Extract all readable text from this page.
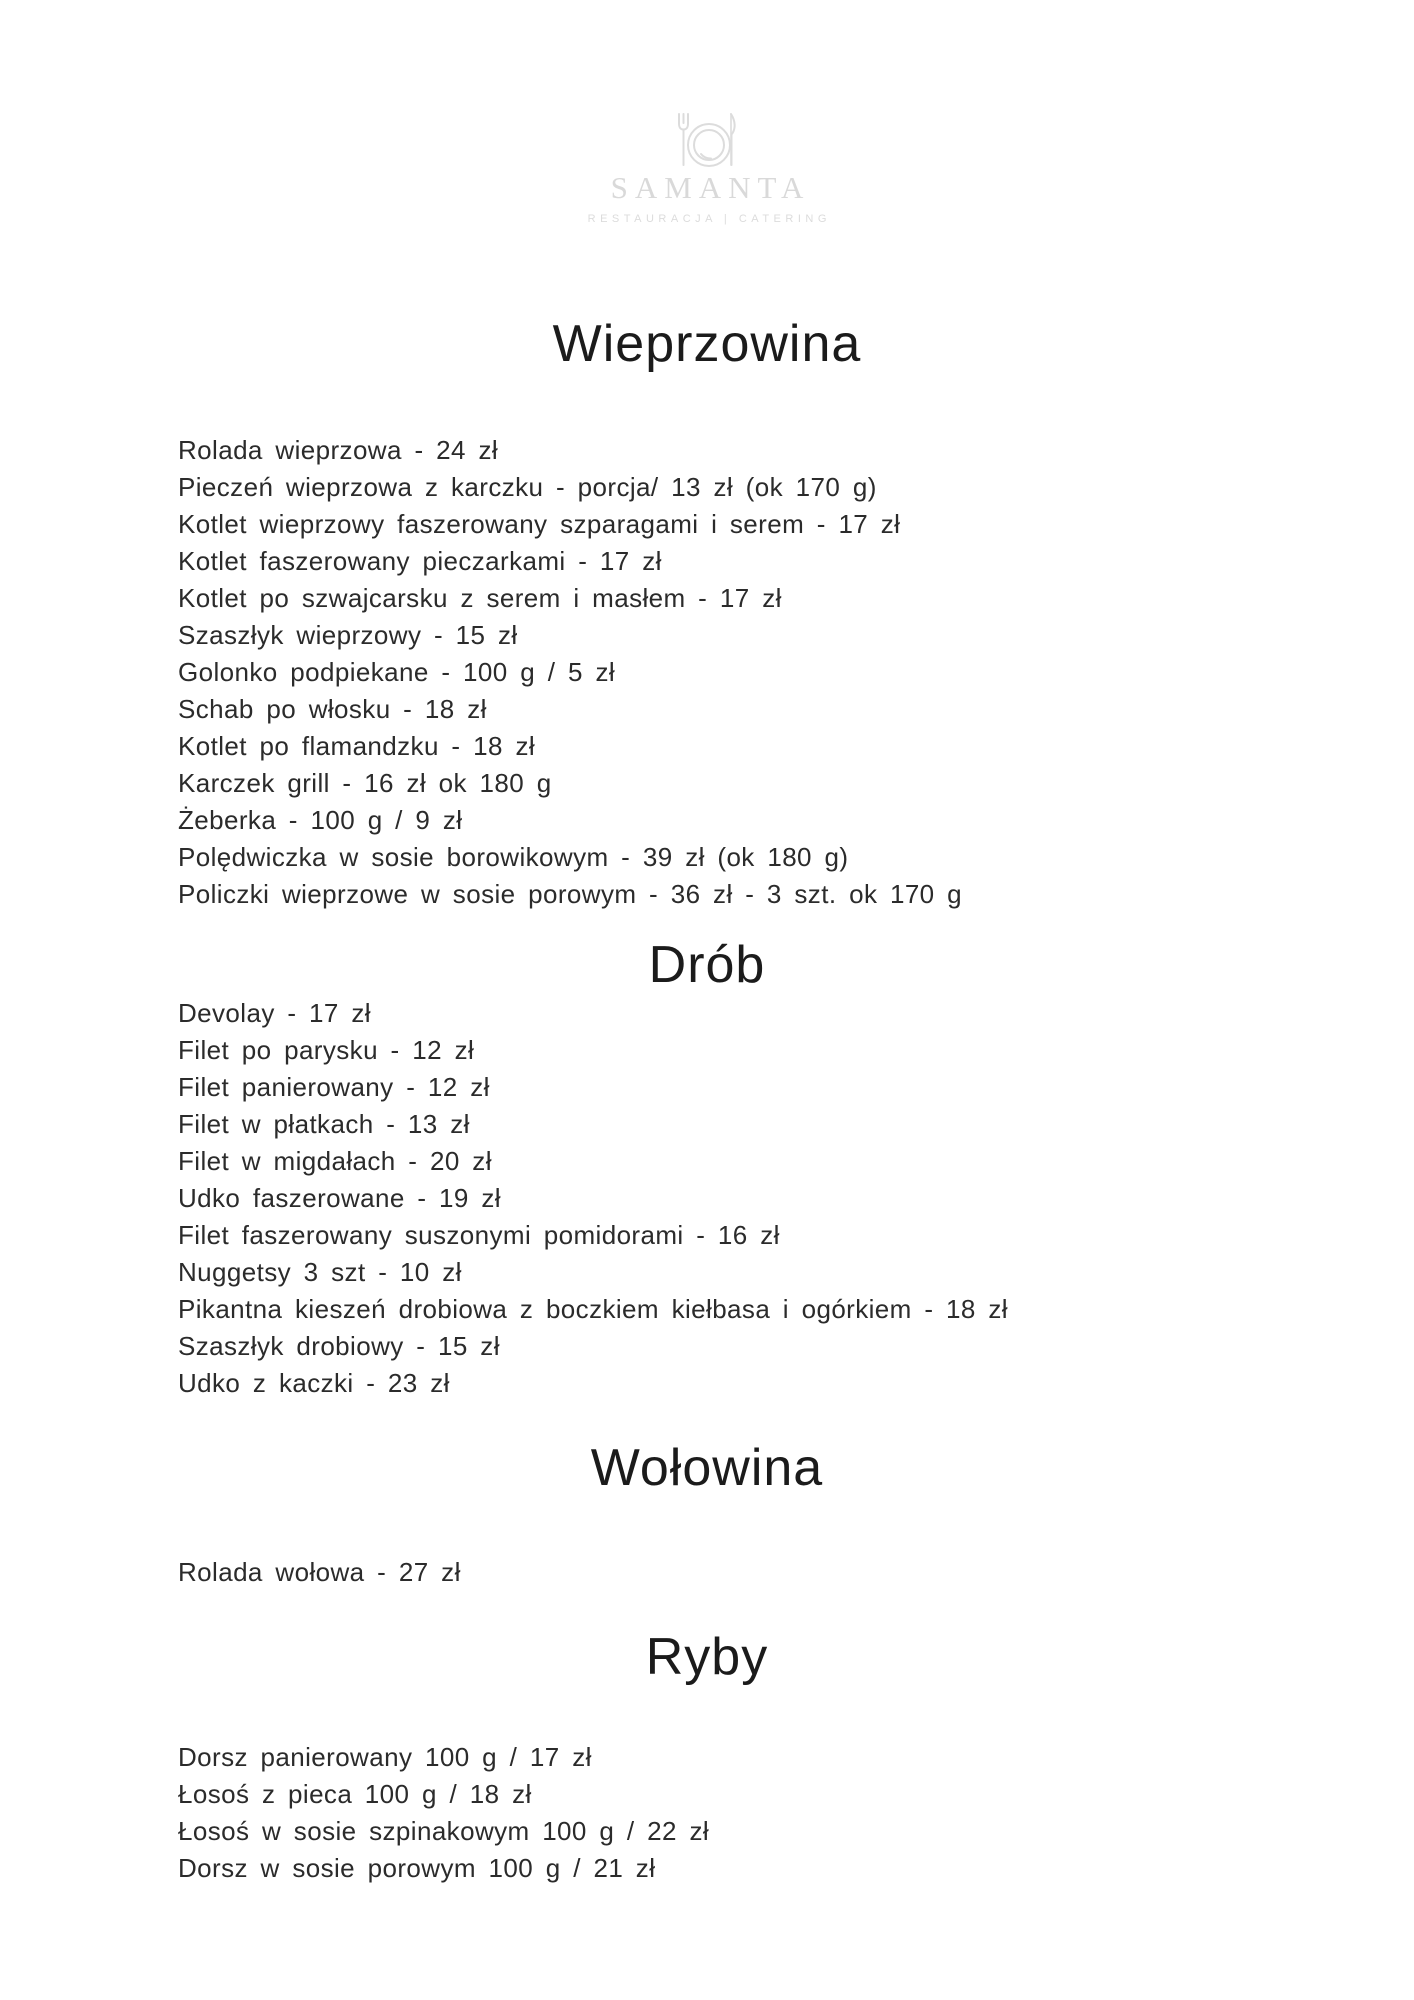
SAMANTA
RESTAURACJA | CATERING
Wieprzowina
Rolada wieprzowa - 24 zł
Pieczeń wieprzowa z karczku - porcja/ 13 zł (ok 170 g)
Kotlet wieprzowy faszerowany szparagami i serem - 17 zł
Kotlet faszerowany pieczarkami - 17 zł
Kotlet po szwajcarsku z serem i masłem - 17 zł
Szaszłyk wieprzowy - 15 zł
Golonko podpiekane - 100 g / 5 zł
Schab po włosku - 18 zł
Kotlet po flamandzku - 18 zł
Karczek grill - 16 zł ok 180 g
Żeberka - 100 g / 9 zł
Polędwiczka w sosie borowikowym - 39 zł (ok 180 g)
Policzki wieprzowe w sosie porowym - 36 zł - 3 szt. ok 170 g
Drób
Devolay - 17 zł
Filet po parysku - 12 zł
Filet panierowany - 12 zł
Filet w płatkach - 13 zł
Filet w migdałach - 20 zł
Udko faszerowane - 19 zł
Filet faszerowany suszonymi pomidorami - 16 zł
Nuggetsy 3 szt - 10 zł
Pikantna kieszeń drobiowa z boczkiem kiełbasa i ogórkiem - 18 zł
Szaszłyk drobiowy - 15 zł
Udko z kaczki - 23 zł
Wołowina
Rolada wołowa - 27 zł
Ryby
Dorsz panierowany 100 g / 17 zł
Łosoś z pieca 100 g / 18 zł
Łosoś w sosie szpinakowym 100 g / 22 zł
Dorsz w sosie porowym 100 g / 21 zł
